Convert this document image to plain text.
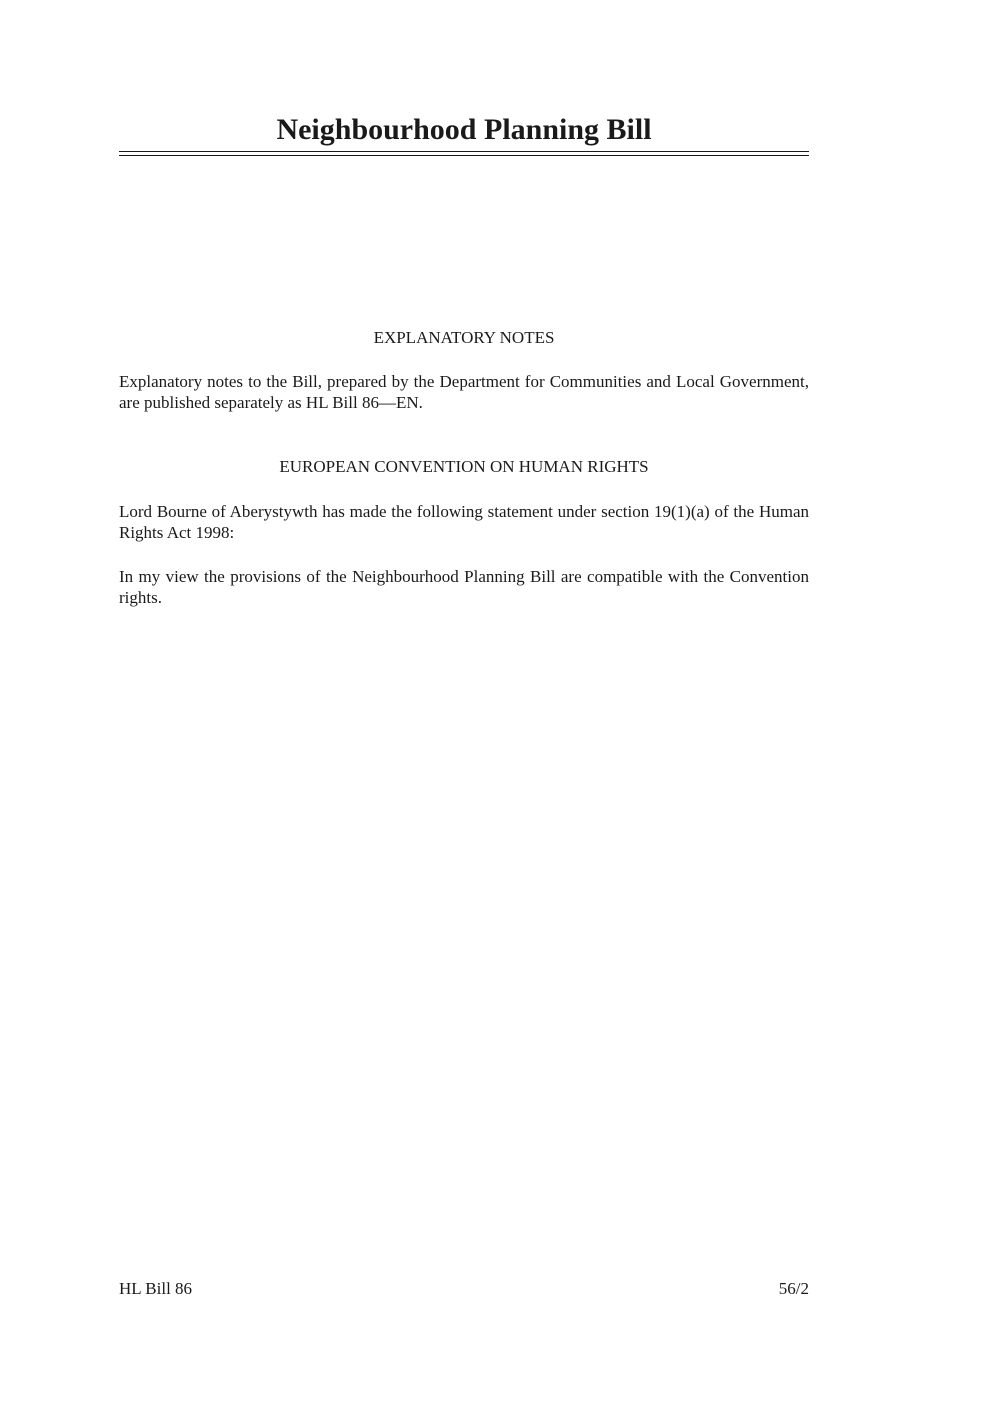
Neighbourhood Planning Bill
EXPLANATORY NOTES

Explanatory notes to the Bill, prepared by the Department for Communities and Local Government, are published separately as HL Bill 86—EN.

EUROPEAN CONVENTION ON HUMAN RIGHTS

Lord Bourne of Aberystywth has made the following statement under section 19(1)(a) of the Human Rights Act 1998:

In my view the provisions of the Neighbourhood Planning Bill are compatible with the Convention rights.

HL Bill 86	56/2
